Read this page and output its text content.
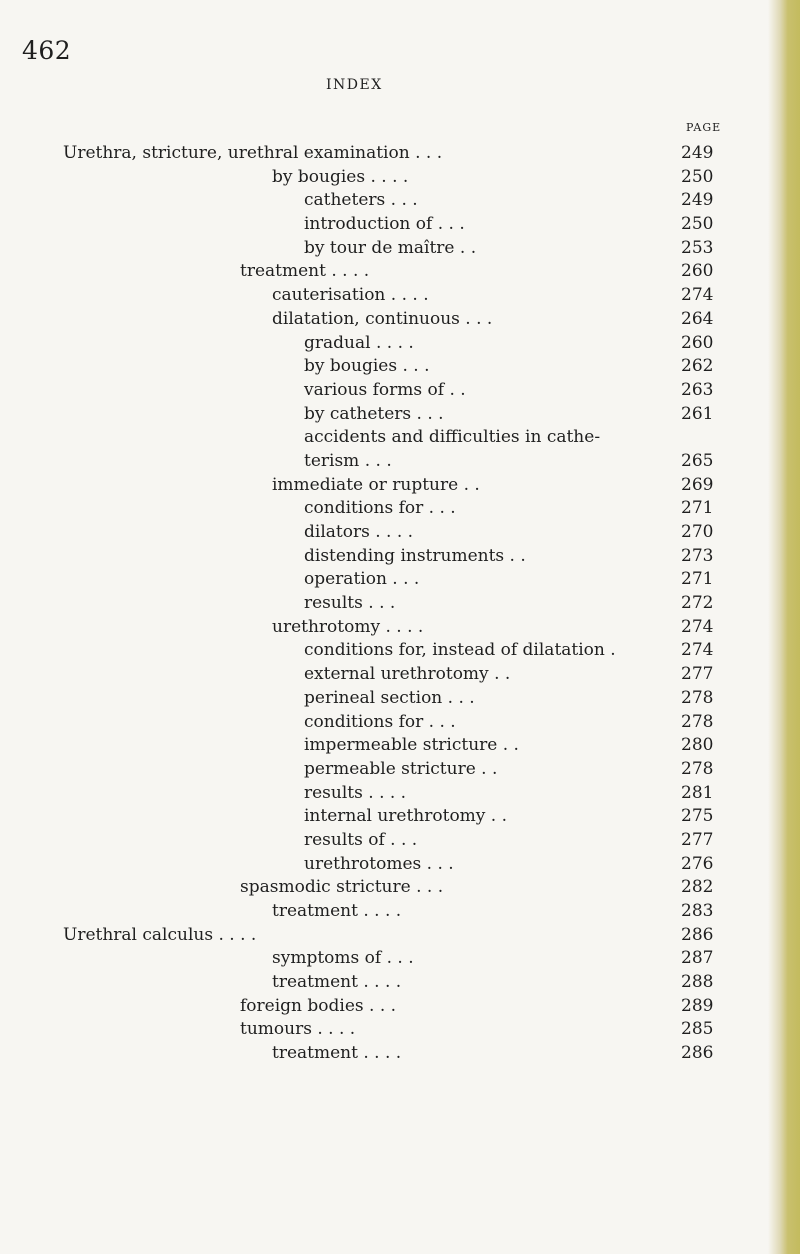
462
INDEX
PAGE
Urethra, stricture, urethral examination . . .	249
by bougies . . . .	250
catheters . . .	249
introduction of . . .	250
by tour de maître . .	253
treatment . . . .	260
cauterisation . . . .	274
dilatation, continuous . . .	264
gradual . . . .	260
by bougies . . .	262
various forms of . .	263
by catheters . . .	261
accidents and difficulties in cathe-
terism . . .	265
immediate or rupture . .	269
conditions for . . .	271
dilators . . . .	270
distending instruments . .	273
operation . . .	271
results . . .	272
urethrotomy . . . .	274
conditions for, instead of dilatation .	274
external urethrotomy . .	277
perineal section . . .	278
conditions for . . .	278
impermeable stricture . .	280
permeable stricture . .	278
results . . . .	281
internal urethrotomy . .	275
results of . . .	277
urethrotomes . . .	276
spasmodic stricture . . .	282
treatment . . . .	283
Urethral calculus . . . .	286
symptoms of . . .	287
treatment . . . .	288
foreign bodies . . .	289
tumours . . . .	285
treatment . . . .	286
